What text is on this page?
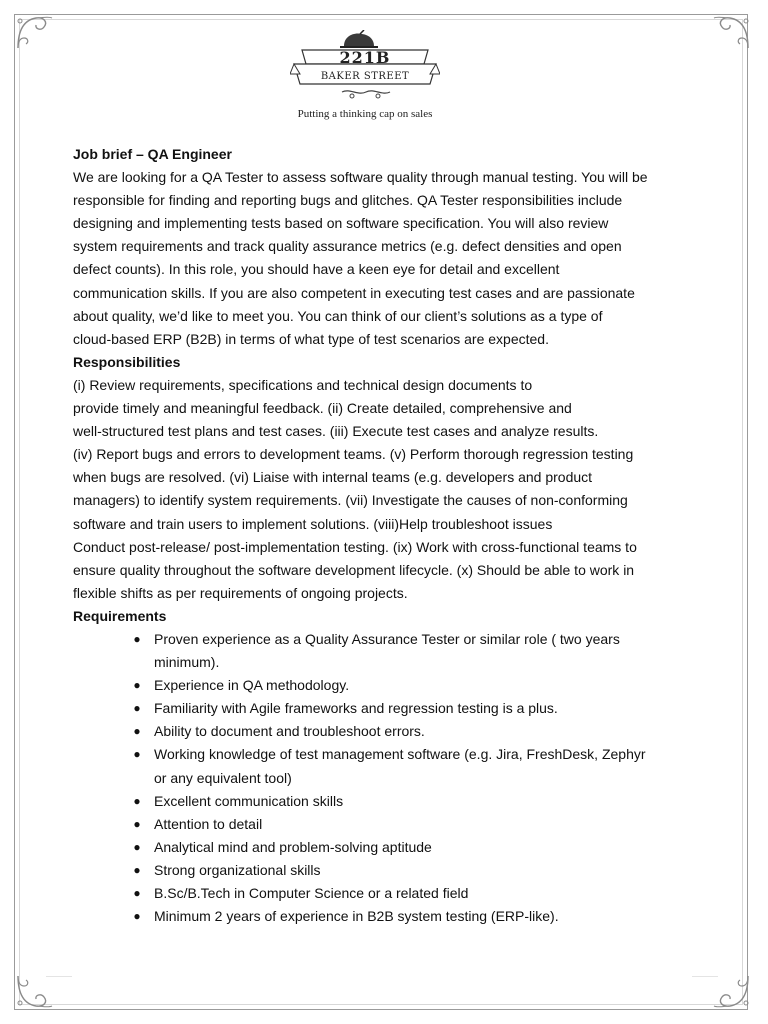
221B
BAKER STREET
Putting a thinking cap on sales

Job brief – QA Engineer

We are looking for a QA Tester to assess software quality through manual testing. You will be

responsible for finding and reporting bugs and glitches. QA Tester responsibilities include

designing and implementing tests based on software specification. You will also review

system requirements and track quality assurance metrics (e.g. defect densities and open

defect counts). In this role, you should have a keen eye for detail and excellent

communication skills. If you are also competent in executing test cases and are passionate

about quality, we’d like to meet you. You can think of our client’s solutions as a type of

cloud-based ERP (B2B) in terms of what type of test scenarios are expected.

Responsibilities

(i) Review requirements, specifications and technical design documents to

provide timely and meaningful feedback. (ii) Create detailed, comprehensive and

well-structured test plans and test cases. (iii) Execute test cases and analyze results.

(iv) Report bugs and errors to development teams. (v) Perform thorough regression testing

when bugs are resolved. (vi) Liaise with internal teams (e.g. developers and product

managers) to identify system requirements. (vii) Investigate the causes of non-conforming

software and train users to implement solutions. (viii)Help troubleshoot issues

Conduct post-release/ post-implementation testing. (ix) Work with cross-functional teams to

ensure quality throughout the software development lifecycle. (x) Should be able to work in

flexible shifts as per requirements of ongoing projects.

Requirements

● Proven experience as a Quality Assurance Tester or similar role ( two years
minimum).
● Experience in QA methodology.
● Familiarity with Agile frameworks and regression testing is a plus.
● Ability to document and troubleshoot errors.
● Working knowledge of test management software (e.g. Jira, FreshDesk, Zephyr
or any equivalent tool)
● Excellent communication skills
● Attention to detail
● Analytical mind and problem-solving aptitude
● Strong organizational skills
● B.Sc/B.Tech in Computer Science or a related field
● Minimum 2 years of experience in B2B system testing (ERP-like).
